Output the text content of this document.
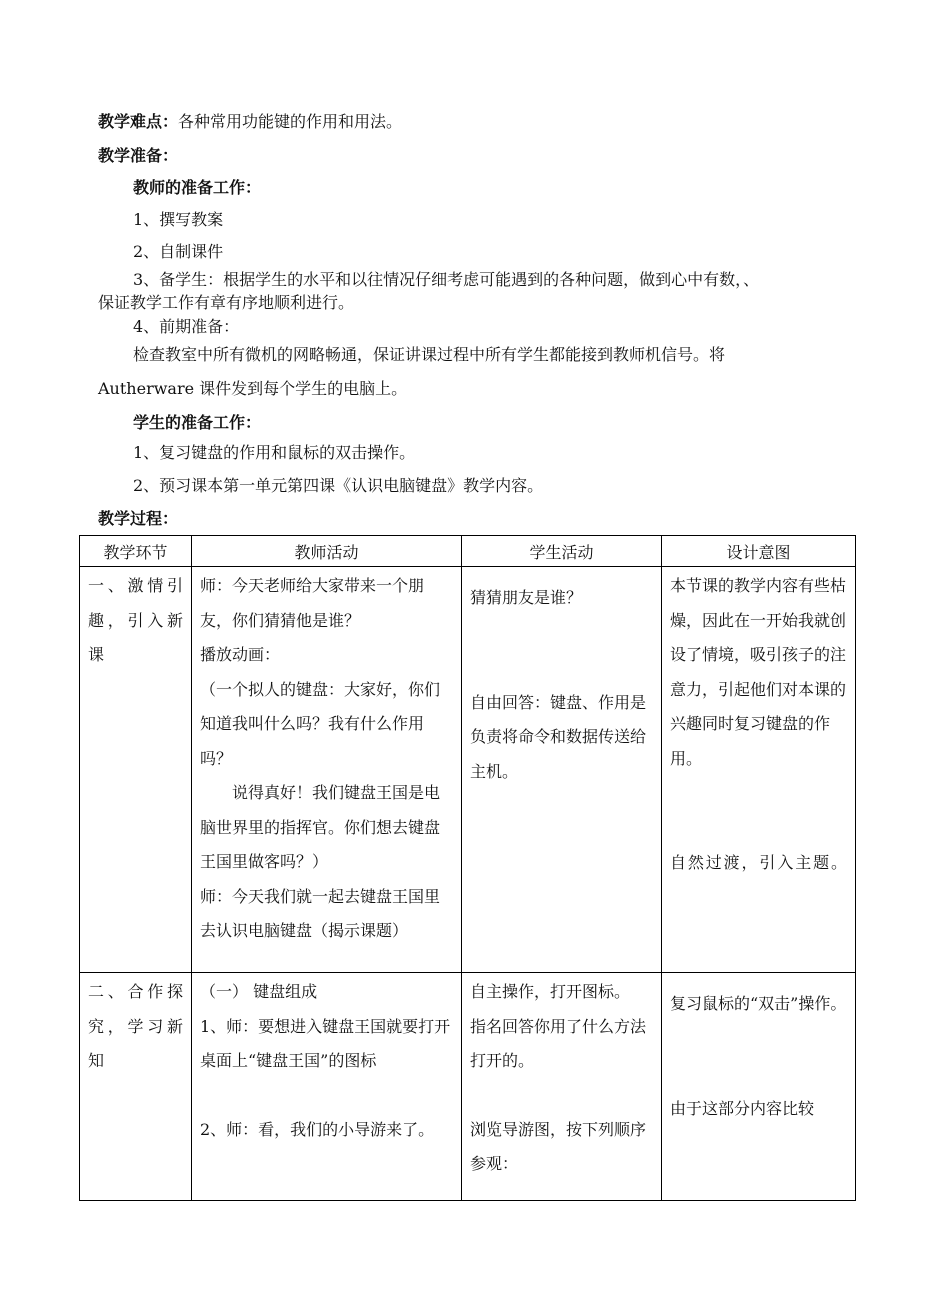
教学难点：各种常用功能键的作用和用法。
教学准备：
教师的准备工作：
1、撰写教案
2、自制课件
3、备学生：根据学生的水平和以往情况仔细考虑可能遇到的各种问题，做到心中有数，、
保证教学工作有章有序地顺利进行。
4、前期准备：
检查教室中所有微机的网略畅通，保证讲课过程中所有学生都能接到教师机信号。将
Autherware 课件发到每个学生的电脑上。
学生的准备工作：
1、复习键盘的作用和鼠标的双击操作。
2、预习课本第一单元第四课《认识电脑键盘》教学内容。
教学过程：
教学环节	教师活动	学生活动	设计意图

一、激情引趣，引入新课	师：今天老师给大家带来一个朋友，你们猜猜他是谁？
播放动画：
（一个拟人的键盘：大家好，你们知道我叫什么吗？我有什么作用吗？
说得真好！我们键盘王国是电脑世界里的指挥官。你们想去键盘王国里做客吗？）
师：今天我们就一起去键盘王国里去认识电脑键盘（揭示课题）	猜猜朋友是谁？
自由回答：键盘、作用是负责将命令和数据传送给主机。	本节课的教学内容有些枯燥，因此在一开始我就创设了情境，吸引孩子的注意力，引起他们对本课的兴趣同时复习键盘的作用。
自然过渡，引入主题。

二、合作探究，学习新知	（一） 键盘组成
1、师：要想进入键盘王国就要打开桌面上“键盘王国”的图标
2、师：看，我们的小导游来了。	自主操作，打开图标。
指名回答你用了什么方法打开的。
浏览导游图，按下列顺序参观：	复习鼠标的“双击”操作。
由于这部分内容比较
